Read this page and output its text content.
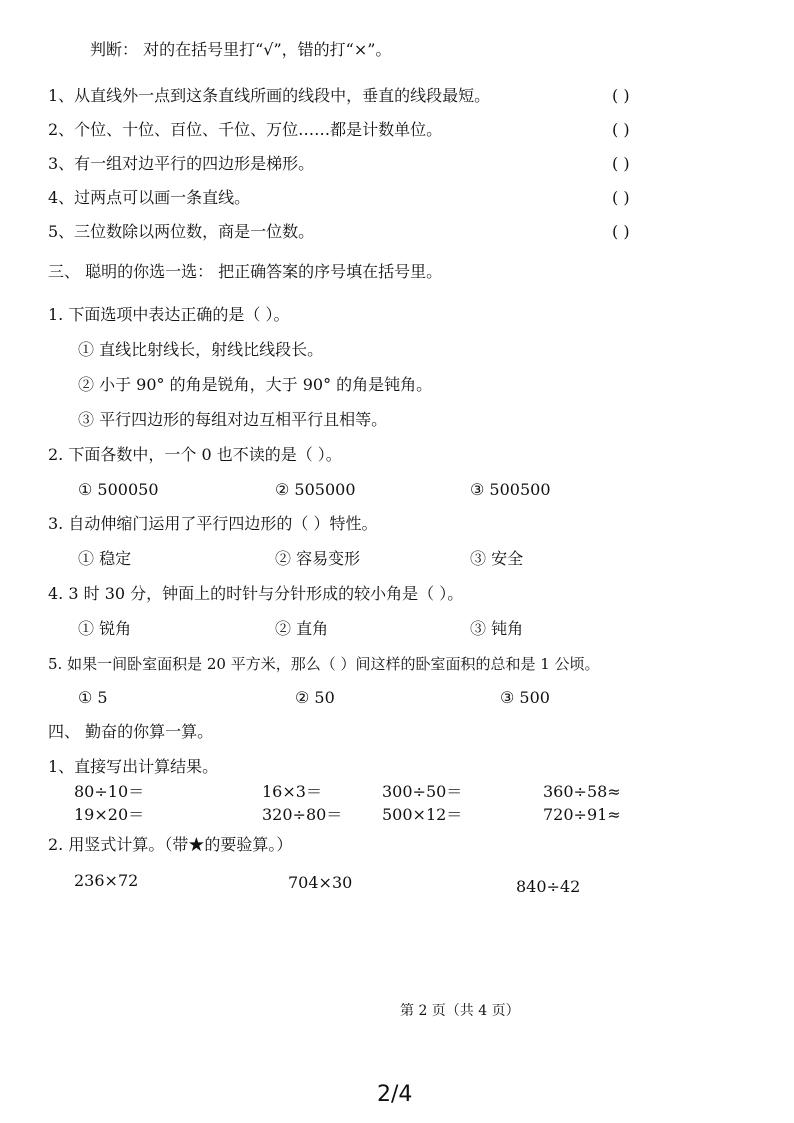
判断： 对的在括号里打“√”，错的打“×”。
1、从直线外一点到这条直线所画的线段中，垂直的线段最短。	( )
2、个位、十位、百位、千位、万位……都是计数单位。	( )
3、有一组对边平行的四边形是梯形。	( )
4、过两点可以画一条直线。	( )
5、三位数除以两位数，商是一位数。	( )
三、 聪明的你选一选： 把正确答案的序号填在括号里。
1. 下面选项中表达正确的是（ ）。
① 直线比射线长，射线比线段长。
② 小于 90° 的角是锐角，大于 90° 的角是钝角。
③ 平行四边形的每组对边互相平行且相等。
2. 下面各数中，一个 0 也不读的是（ ）。
① 500050	② 505000	③ 500500
3. 自动伸缩门运用了平行四边形的（ ）特性。
① 稳定	② 容易变形	③ 安全
4. 3 时 30 分，钟面上的时针与分针形成的较小角是（ ）。
① 锐角	② 直角	③ 钝角
5. 如果一间卧室面积是 20 平方米，那么（ ）间这样的卧室面积的总和是 1 公顷。
① 5	② 50	③ 500
四、 勤奋的你算一算。
1、直接写出计算结果。
80÷10＝	16×3＝	300÷50＝	360÷58≈
19×20＝	320÷80＝ 500×12＝	720÷91≈
2. 用竖式计算。（带★的要验算。）
236×72	704×30	840÷42
第 2 页（共 4 页）
2/4
